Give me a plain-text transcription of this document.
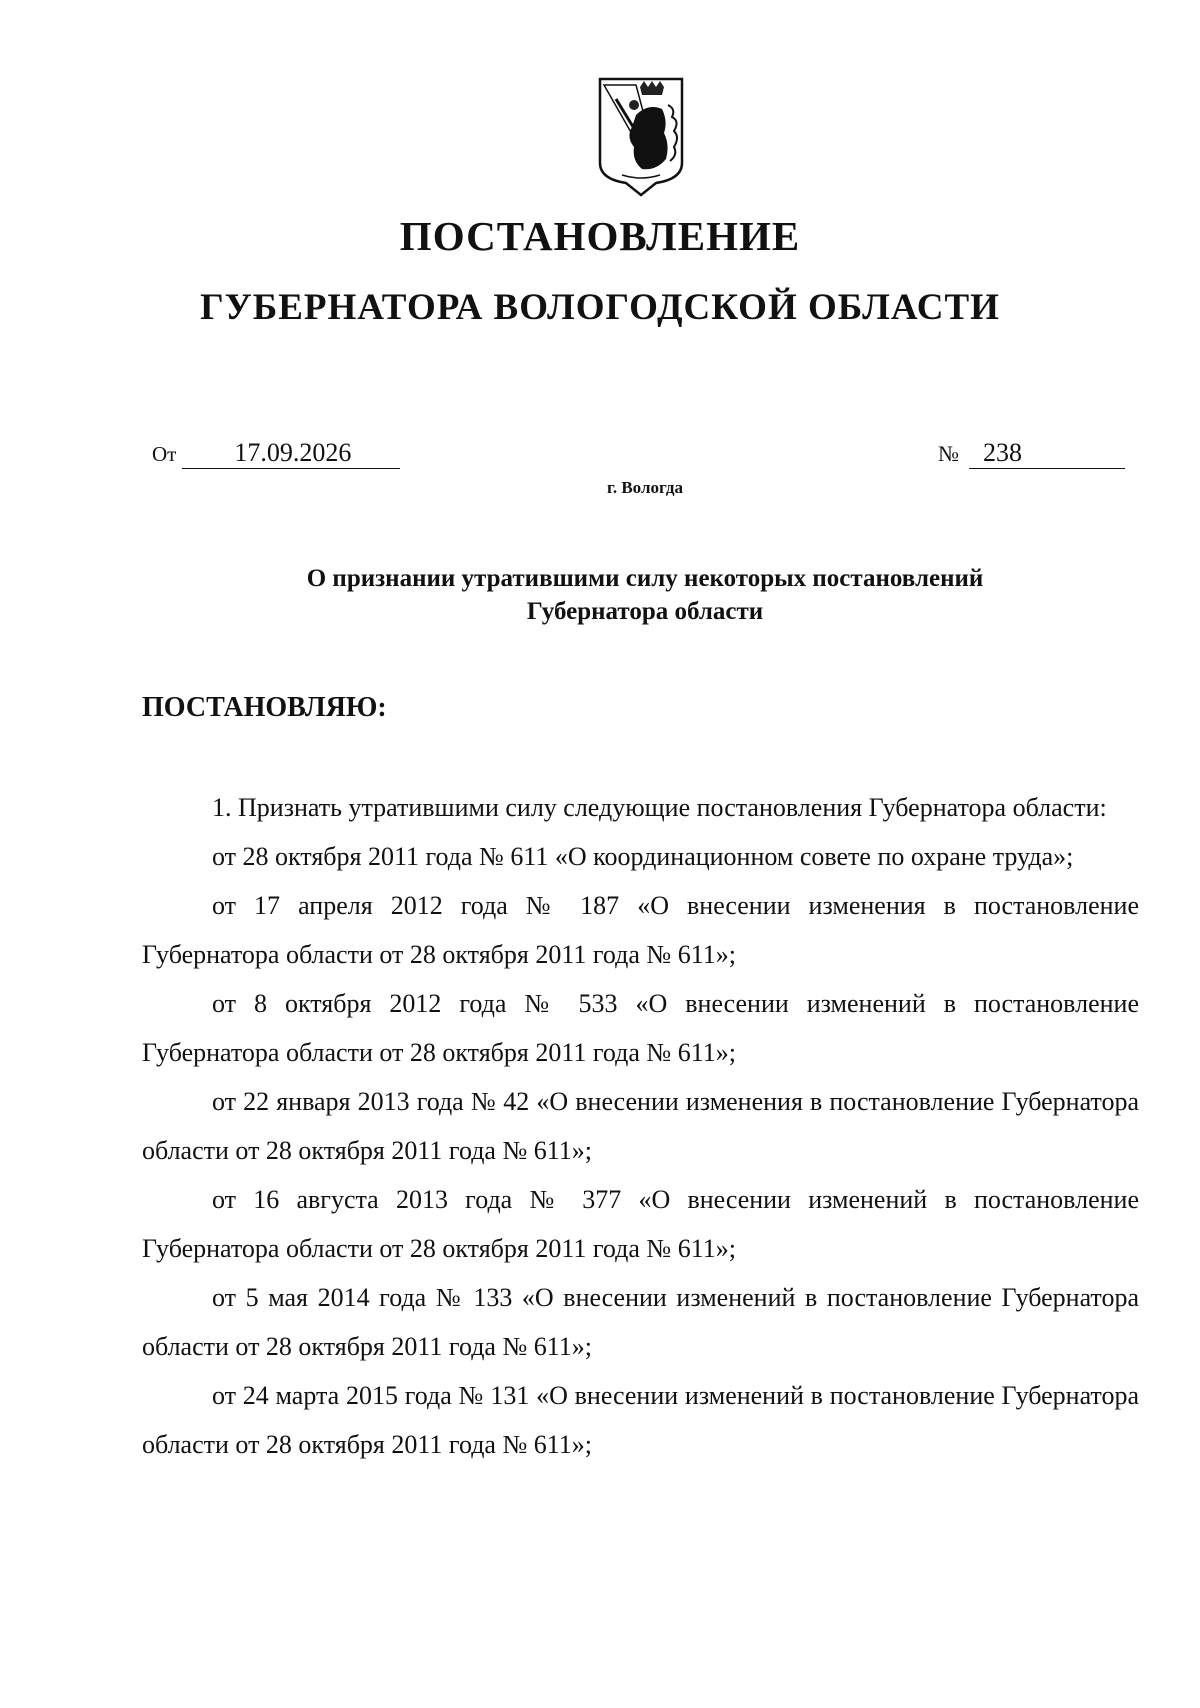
ПОСТАНОВЛЕНИЕ
ГУБЕРНАТОРА ВОЛОГОДСКОЙ ОБЛАСТИ
От 17.09.2026	№ 238
г. Вологда
О признании утратившими силу некоторых постановлений
Губернатора области
ПОСТАНОВЛЯЮ:

1. Признать утратившими силу следующие постановления Губернатора области:

от 28 октября 2011 года № 611 «О координационном совете по охране труда»;

от 17 апреля 2012 года № 187 «О внесении изменения в постановление Губернатора области от 28 октября 2011 года № 611»;

от 8 октября 2012 года № 533 «О внесении изменений в постановление Губернатора области от 28 октября 2011 года № 611»;

от 22 января 2013 года № 42 «О внесении изменения в постановление Губернатора области от 28 октября 2011 года № 611»;

от 16 августа 2013 года № 377 «О внесении изменений в постановление Губернатора области от 28 октября 2011 года № 611»;

от 5 мая 2014 года № 133 «О внесении изменений в постановление Губернатора области от 28 октября 2011 года № 611»;

от 24 марта 2015 года № 131 «О внесении изменений в постановление Губернатора области от 28 октября 2011 года № 611»;
